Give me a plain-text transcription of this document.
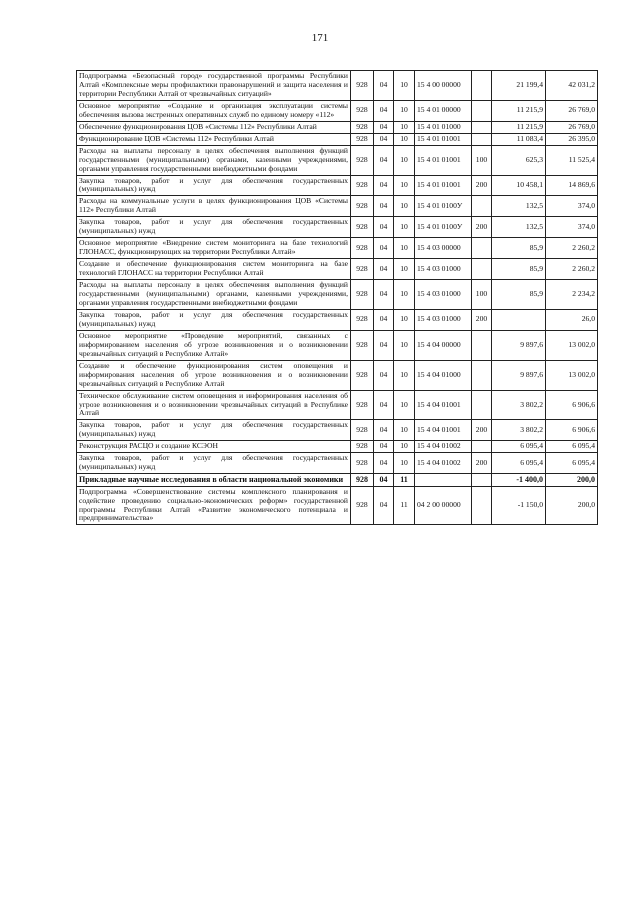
171
Подпрограмма «Безопасный город» государственной программы Республики Алтай «Комплексные меры профилактики правонарушений и защита населения и территории Республики Алтай от чрезвычайных ситуаций»	928	04	10	15 4 00 00000		21 199,4	42 031,2
Основное мероприятие «Создание и организация эксплуатации системы обеспечения вызова экстренных оперативных служб по единому номеру «112»	928	04	10	15 4 01 00000		11 215,9	26 769,0
Обеспечение функционирования ЦОВ «Системы 112» Республики Алтай	928	04	10	15 4 01 01000		11 215,9	26 769,0
Функционирование ЦОВ «Системы 112» Республики Алтай	928	04	10	15 4 01 01001		11 083,4	26 395,0
Расходы на выплаты персоналу в целях обеспечения выполнения функций государственными (муниципальными) органами, казенными учреждениями, органами управления государственными внебюджетными фондами	928	04	10	15 4 01 01001	100	625,3	11 525,4
Закупка товаров, работ и услуг для обеспечения государственных (муниципальных) нужд	928	04	10	15 4 01 01001	200	10 458,1	14 869,6
Расходы на коммунальные услуги в целях функционирования ЦОВ «Системы 112» Республики Алтай	928	04	10	15 4 01 0100У		132,5	374,0
Закупка товаров, работ и услуг для обеспечения государственных (муниципальных) нужд	928	04	10	15 4 01 0100У	200	132,5	374,0
Основное мероприятие «Внедрение систем мониторинга на базе технологий ГЛОНАСС, функционирующих на территории Республики Алтай»	928	04	10	15 4 03 00000		85,9	2 260,2
Создание и обеспечение функционирования систем мониторинга на базе технологий ГЛОНАСС на территории Республики Алтай	928	04	10	15 4 03 01000		85,9	2 260,2
Расходы на выплаты персоналу в целях обеспечения выполнения функций государственными (муниципальными) органами, казенными учреждениями, органами управления государственными внебюджетными фондами	928	04	10	15 4 03 01000	100	85,9	2 234,2
Закупка товаров, работ и услуг для обеспечения государственных (муниципальных) нужд	928	04	10	15 4 03 01000	200		26,0
Основное мероприятие «Проведение мероприятий, связанных с информированием населения об угрозе возникновения и о возникновении чрезвычайных ситуаций в Республике Алтай»	928	04	10	15 4 04 00000		9 897,6	13 002,0
Создание и обеспечение функционирования систем оповещения и информирования населения об угрозе возникновения и о возникновении чрезвычайных ситуаций в Республике Алтай	928	04	10	15 4 04 01000		9 897,6	13 002,0
Техническое обслуживание систем оповещения и информирования населения об угрозе возникновения и о возникновении чрезвычайных ситуаций в Республике Алтай	928	04	10	15 4 04 01001		3 802,2	6 906,6
Закупка товаров, работ и услуг для обеспечения государственных (муниципальных) нужд	928	04	10	15 4 04 01001	200	3 802,2	6 906,6
Реконструкция РАСЦО и создание КСЭОН	928	04	10	15 4 04 01002		6 095,4	6 095,4
Закупка товаров, работ и услуг для обеспечения государственных (муниципальных) нужд	928	04	10	15 4 04 01002	200	6 095,4	6 095,4
Прикладные научные исследования в области национальной экономики	928	04	11			-1 400,0	200,0
Подпрограмма «Совершенствование системы комплексного планирования и содействие проведению социально-экономических реформ» государственной программы Республики Алтай «Развитие экономического потенциала и предпринимательства»	928	04	11	04 2 00 00000		-1 150,0	200,0
